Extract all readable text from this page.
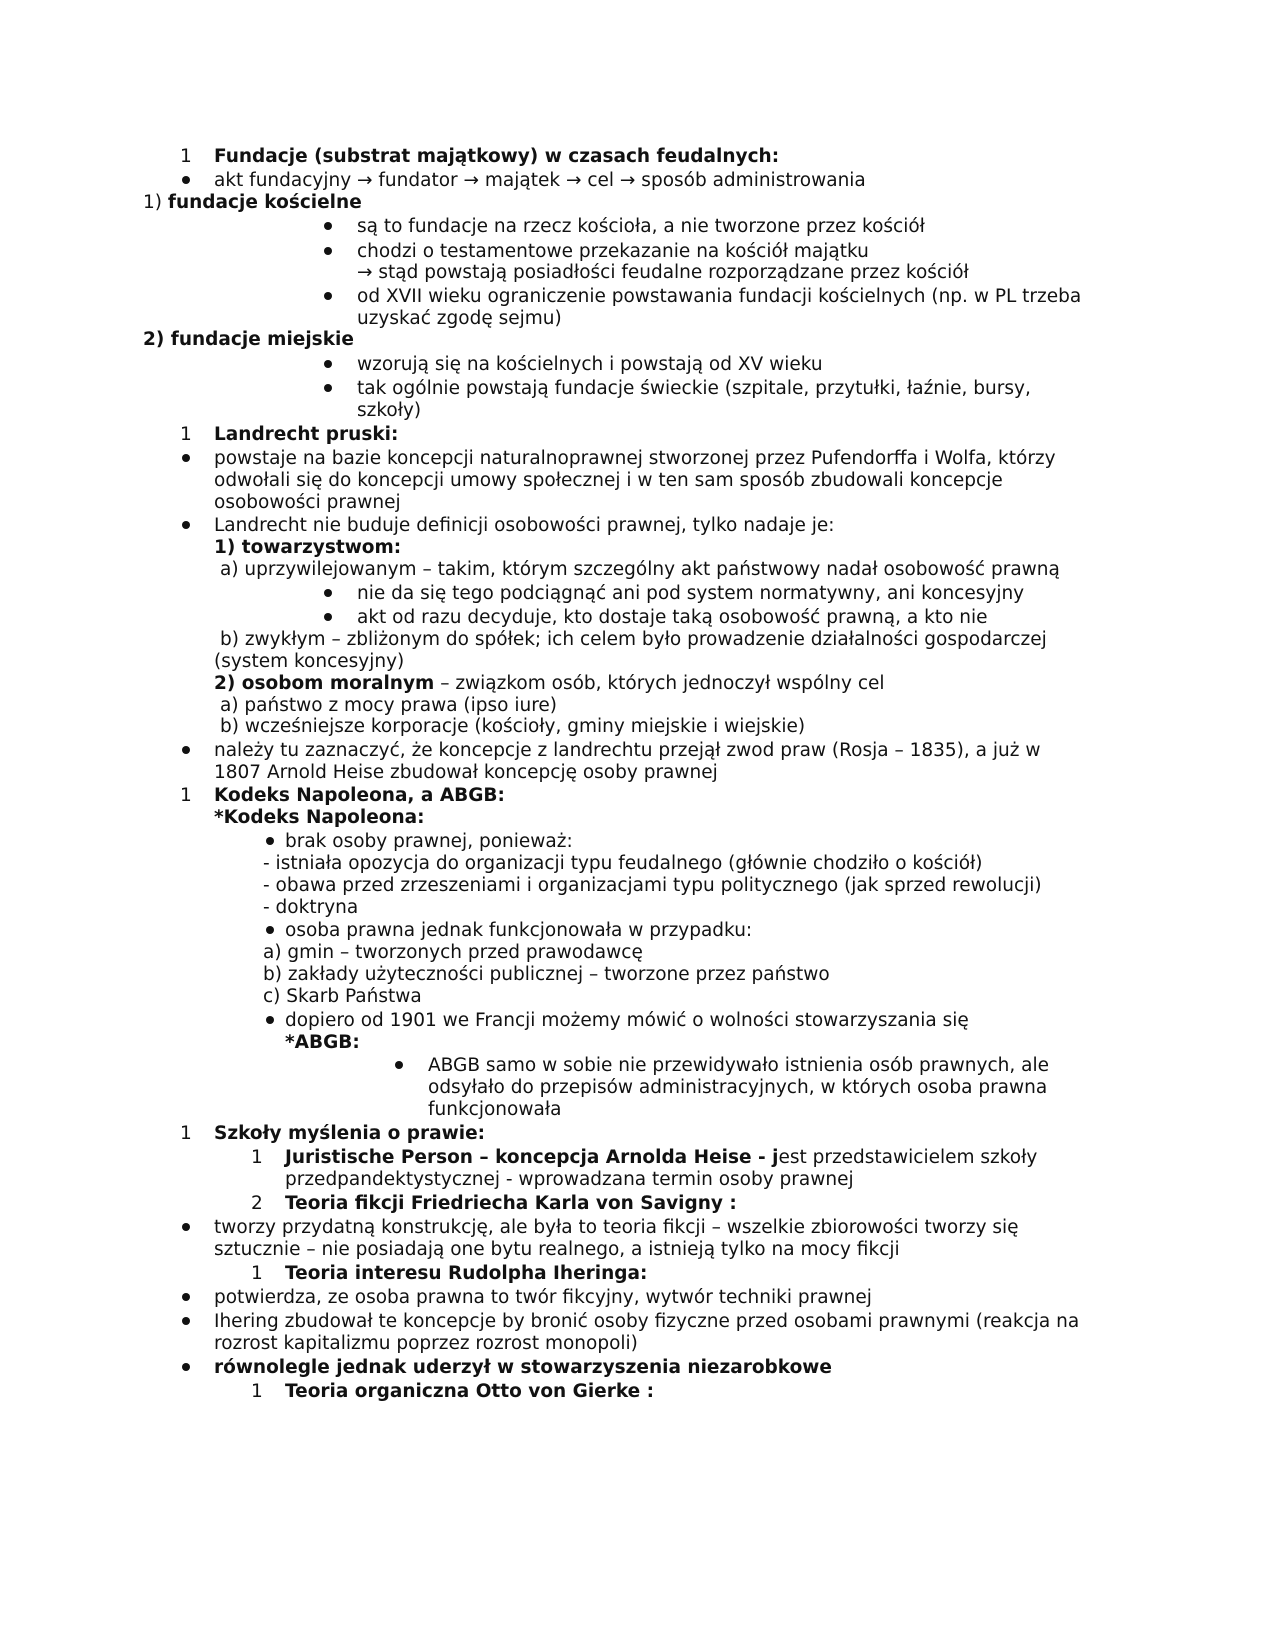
1 Fundacje (substrat majątkowy) w czasach feudalnych:
akt fundacyjny → fundator → majątek → cel → sposób administrowania
1) fundacje kościelne
są to fundacje na rzecz kościoła, a nie tworzone przez kościół
chodzi o testamentowe przekazanie na kościół majątku
→ stąd powstają posiadłości feudalne rozporządzane przez kościół
od XVII wieku ograniczenie powstawania fundacji kościelnych (np. w PL trzeba
uzyskać zgodę sejmu)
2) fundacje miejskie
wzorują się na kościelnych i powstają od XV wieku
tak ogólnie powstają fundacje świeckie (szpitale, przytułki, łaźnie, bursy,
szkoły)
1 Landrecht pruski:
powstaje na bazie koncepcji naturalnoprawnej stworzonej przez Pufendorffa i Wolfa, którzy
odwołali się do koncepcji umowy społecznej i w ten sam sposób zbudowali koncepcje
osobowości prawnej
Landrecht nie buduje definicji osobowości prawnej, tylko nadaje je:
1) towarzystwom:
a) uprzywilejowanym – takim, którym szczególny akt państwowy nadał osobowość prawną
nie da się tego podciągnąć ani pod system normatywny, ani koncesyjny
akt od razu decyduje, kto dostaje taką osobowość prawną, a kto nie
b) zwykłym – zbliżonym do spółek; ich celem było prowadzenie działalności gospodarczej
(system koncesyjny)
2) osobom moralnym – związkom osób, których jednoczył wspólny cel
a) państwo z mocy prawa (ipso iure)
b) wcześniejsze korporacje (kościoły, gminy miejskie i wiejskie)
należy tu zaznaczyć, że koncepcje z landrechtu przejął zwod praw (Rosja – 1835), a już w
1807 Arnold Heise zbudował koncepcję osoby prawnej
1 Kodeks Napoleona, a ABGB:
*Kodeks Napoleona:
brak osoby prawnej, ponieważ:
- istniała opozycja do organizacji typu feudalnego (głównie chodziło o kościół)
- obawa przed zrzeszeniami i organizacjami typu politycznego (jak sprzed rewolucji)
- doktryna
osoba prawna jednak funkcjonowała w przypadku:
a) gmin – tworzonych przed prawodawcę
b) zakłady użyteczności publicznej – tworzone przez państwo
c) Skarb Państwa
dopiero od 1901 we Francji możemy mówić o wolności stowarzyszania się
*ABGB:
ABGB samo w sobie nie przewidywało istnienia osób prawnych, ale
odsyłało do przepisów administracyjnych, w których osoba prawna
funkcjonowała
1 Szkoły myślenia o prawie:
1 Juristische Person – koncepcja Arnolda Heise - jest przedstawicielem szkoły
przedpandektystycznej - wprowadzana termin osoby prawnej
2 Teoria fikcji Friedriecha Karla von Savigny :
tworzy przydatną konstrukcję, ale była to teoria fikcji – wszelkie zbiorowości tworzy się
sztucznie – nie posiadają one bytu realnego, a istnieją tylko na mocy fikcji
1 Teoria interesu Rudolpha Iheringa:
potwierdza, ze osoba prawna to twór fikcyjny, wytwór techniki prawnej
Ihering zbudował te koncepcje by bronić osoby fizyczne przed osobami prawnymi (reakcja na
rozrost kapitalizmu poprzez rozrost monopoli)
równolegle jednak uderzył w stowarzyszenia niezarobkowe
1 Teoria organiczna Otto von Gierke :
